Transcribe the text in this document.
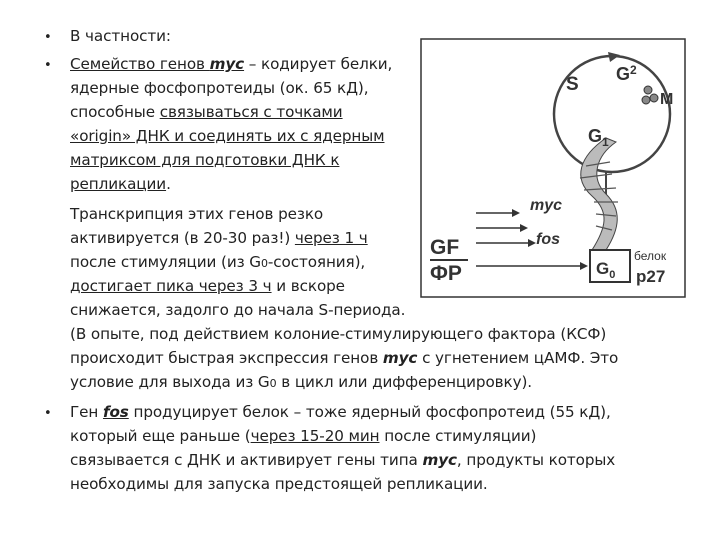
•
•
•
В частности:
Семейство генов myc – кодирует белки,
ядерные фосфопротеиды (ок. 65 кД),
способные связываться с точками
«origin» ДНК и соединять их с ядерным
матриксом для подготовки ДНК к
репликации.
Транскрипция этих генов резко
активируется (в 20-30 раз!) через 1 ч
после стимуляции (из G0-состояния),
достигает пика через 3 ч и вскоре
снижается, задолго до начала S-периода.
(В опыте, под действием колоние-стимулирующего фактора (КСФ)
происходит быстрая экспрессия генов myc с угнетением цАМФ. Это
условие для выхода из G0 в цикл или дифференцировку).
Ген fos продуцирует белок – тоже ядерный фосфопротеид (55 кД),
который еще раньше (через 15-20 мин после стимуляции)
связывается с ДНК и активирует гены типа myc, продукты которых
необходимы для запуска предстоящей репликации.
S $G^2$
M
$G_1$
myc
fos
GF
ФР	$G_0$
белок
p27
